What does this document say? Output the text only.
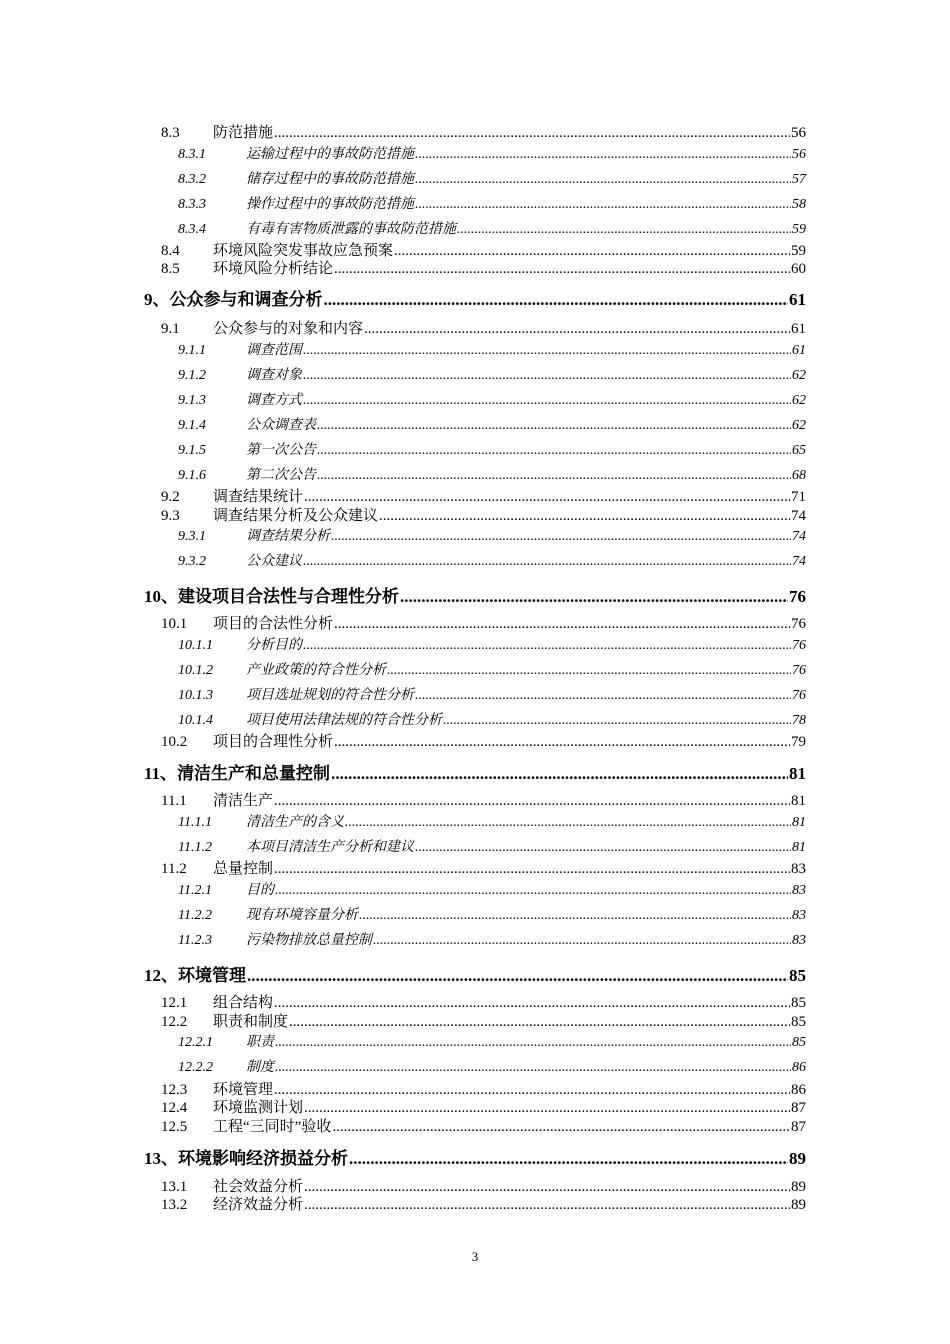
8.3	防范措施 .....	56
8.3.1	运输过程中的事故防范措施 .....	56
8.3.2	储存过程中的事故防范措施 .....	57
8.3.3	操作过程中的事故防范措施 .....	58
8.3.4	有毒有害物质泄露的事故防范措施 .....	59
8.4	环境风险突发事故应急预案 .....	59
8.5	环境风险分析结论 .....	60
9、 公众参与和调查分析 .....	61
9.1	公众参与的对象和内容 .....	61
9.1.1	调查范围 .....	61
9.1.2	调查对象 .....	62
9.1.3	调查方式 .....	62
9.1.4	公众调查表 .....	62
9.1.5	第一次公告 .....	65
9.1.6	第二次公告 .....	68
9.2	调查结果统计 .....	71
9.3	调查结果分析及公众建议 .....	74
9.3.1	调查结果分析 .....	74
9.3.2	公众建议 .....	74
10、 建设项目合法性与合理性分析 .....	76
10.1	项目的合法性分析 .....	76
10.1.1	分析目的 .....	76
10.1.2	产业政策的符合性分析 .....	76
10.1.3	项目选址规划的符合性分析 .....	76
10.1.4	项目使用法律法规的符合性分析 .....	78
10.2	项目的合理性分析 .....	79
11、 清洁生产和总量控制 .....	81
11.1	清洁生产 .....	81
11.1.1	清洁生产的含义 .....	81
11.1.2	本项目清洁生产分析和建议 .....	81
11.2	总量控制 .....	83
11.2.1	目的 .....	83
11.2.2	现有环境容量分析 .....	83
11.2.3	污染物排放总量控制 .....	83
12、 环境管理 .....	85
12.1	组合结构 .....	85
12.2	职责和制度 .....	85
12.2.1	职责 .....	85
12.2.2	制度 .....	86
12.3	环境管理 .....	86
12.4	环境监测计划 .....	87
12.5	工程“三同时”验收 .....	87
13、 环境影响经济损益分析 .....	89
13.1	社会效益分析 .....	89
13.2	经济效益分析 .....	89
3
